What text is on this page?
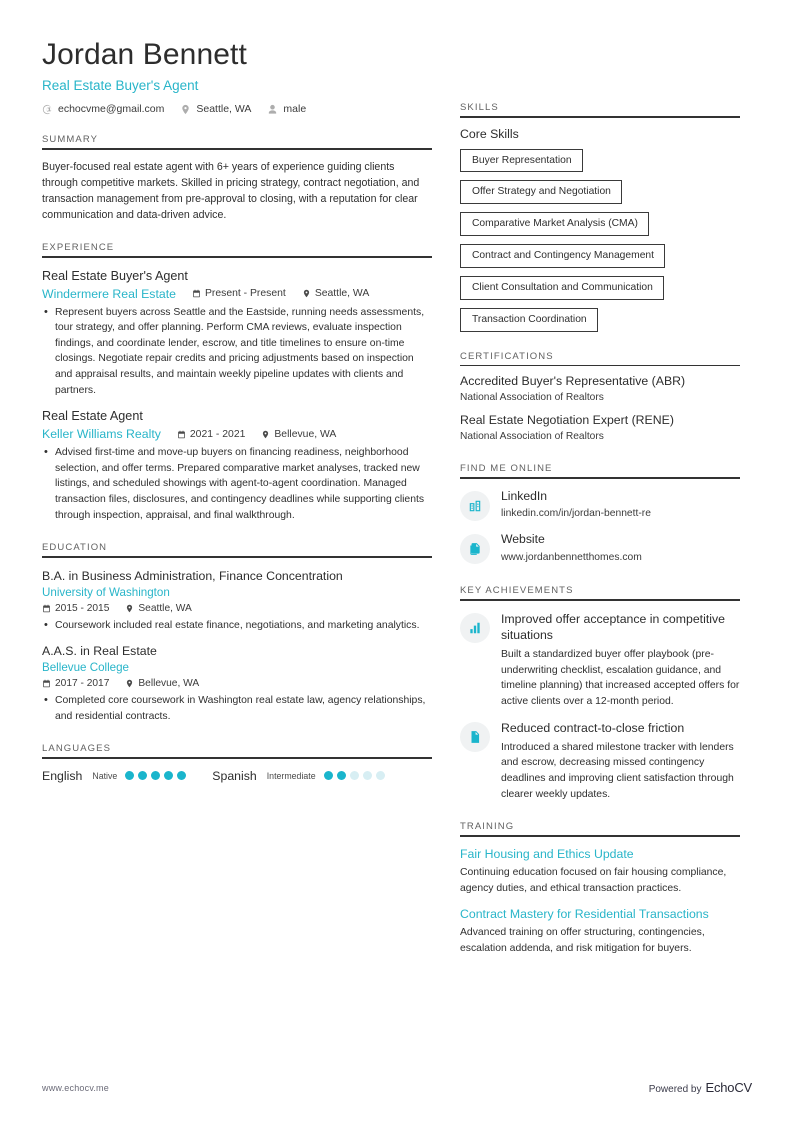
Jordan Bennett
Real Estate Buyer's Agent
echocvme@gmail.com	Seattle, WA	male
SUMMARY
Buyer-focused real estate agent with 6+ years of experience guiding clients through competitive markets. Skilled in pricing strategy, contract negotiation, and transaction management from pre-approval to closing, with a reputation for clear communication and data-driven advice.
EXPERIENCE
Real Estate Buyer's Agent
Windermere Real Estate	Present - Present	Seattle, WA
• Represent buyers across Seattle and the Eastside, running needs assessments, tour strategy, and offer planning. Perform CMA reviews, evaluate inspection findings, and coordinate lender, escrow, and title timelines to ensure on-time closings. Negotiate repair credits and pricing adjustments based on inspection and appraisal results, and maintain weekly pipeline updates with clients and partners.
Real Estate Agent
Keller Williams Realty	2021 - 2021	Bellevue, WA
• Advised first-time and move-up buyers on financing readiness, neighborhood selection, and offer terms. Prepared comparative market analyses, tracked new listings, and scheduled showings with agent-to-agent coordination. Managed transaction files, disclosures, and contingency deadlines while supporting clients through inspection, appraisal, and final walkthrough.
EDUCATION
B.A. in Business Administration, Finance Concentration
University of Washington
2015 - 2015	Seattle, WA
• Coursework included real estate finance, negotiations, and marketing analytics.
A.A.S. in Real Estate
Bellevue College
2017 - 2017	Bellevue, WA
• Completed core coursework in Washington real estate law, agency relationships, and residential contracts.
LANGUAGES
English Native	Spanish Intermediate
SKILLS
Core Skills
Buyer Representation
Offer Strategy and Negotiation
Comparative Market Analysis (CMA)
Contract and Contingency Management
Client Consultation and Communication
Transaction Coordination
CERTIFICATIONS
Accredited Buyer's Representative (ABR)
National Association of Realtors
Real Estate Negotiation Expert (RENE)
National Association of Realtors
FIND ME ONLINE
LinkedIn
linkedin.com/in/jordan-bennett-re
Website
www.jordanbennetthomes.com
KEY ACHIEVEMENTS
Improved offer acceptance in competitive situations
Built a standardized buyer offer playbook (pre-underwriting checklist, escalation guidance, and timeline planning) that increased accepted offers for active clients over a 12-month period.
Reduced contract-to-close friction
Introduced a shared milestone tracker with lenders and escrow, decreasing missed contingency deadlines and improving client satisfaction through clearer weekly updates.
TRAINING
Fair Housing and Ethics Update
Continuing education focused on fair housing compliance, agency duties, and ethical transaction practices.
Contract Mastery for Residential Transactions
Advanced training on offer structuring, contingencies, escalation addenda, and risk mitigation for buyers.
www.echocv.me	Powered by EchoCV
